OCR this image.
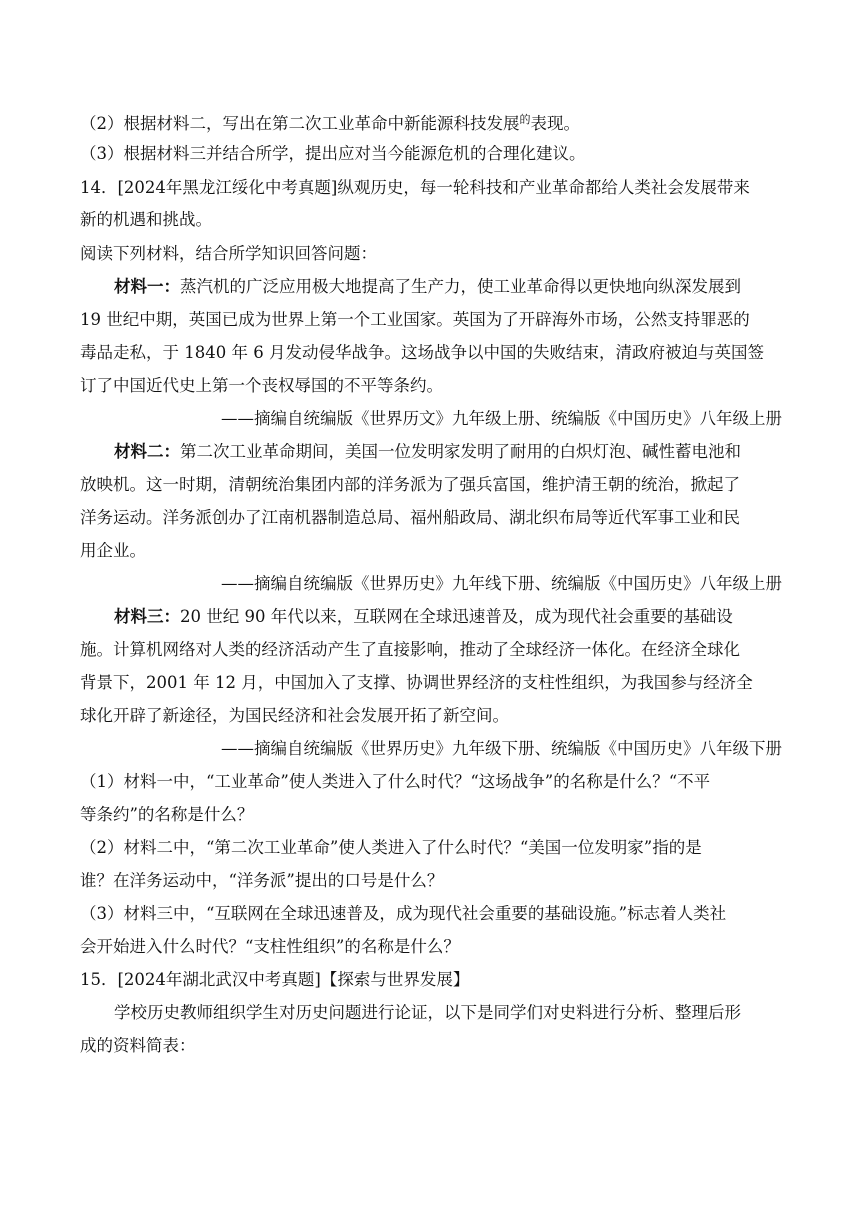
（2）根据材料二，写出在第二次工业革命中新能源科技发展$^的$表现。
（3）根据材料三并结合所学，提出应对当今能源危机的合理化建议。
14．[2024年黑龙江绥化中考真题]纵观历史，每一轮科技和产业革命都给人类社会发展带来
新的机遇和挑战。
阅读下列材料，结合所学知识回答问题：
材料一：蒸汽机的广泛应用极大地提高了生产力，使工业革命得以更快地向纵深发展到
19 世纪中期，英国已成为世界上第一个工业国家。英国为了开辟海外市场，公然支持罪恶的
毒品走私，于 1840 年 6 月发动侵华战争。这场战争以中国的失败结束，清政府被迫与英国签
订了中国近代史上第一个丧权辱国的不平等条约。
——摘编自统编版《世界历文》九年级上册、统编版《中国历史》八年级上册
材料二：第二次工业革命期间，美国一位发明家发明了耐用的白炽灯泡、碱性蓄电池和
放映机。这一时期，清朝统治集团内部的洋务派为了强兵富国，维护清王朝的统治，掀起了
洋务运动。洋务派创办了江南机器制造总局、福州船政局、湖北织布局等近代军事工业和民
用企业。
——摘编自统编版《世界历史》九年线下册、统编版《中国历史》八年级上册
材料三：20 世纪 90 年代以来，互联网在全球迅速普及，成为现代社会重要的基础设
施。计算机网络对人类的经济活动产生了直接影响，推动了全球经济一体化。在经济全球化
背景下，2001 年 12 月，中国加入了支撑、协调世界经济的支柱性组织，为我国参与经济全
球化开辟了新途径，为国民经济和社会发展开拓了新空间。
——摘编自统编版《世界历史》九年级下册、统编版《中国历史》八年级下册
（1）材料一中，“工业革命”使人类进入了什么时代？“这场战争”的名称是什么？“不平
等条约”的名称是什么？
（2）材料二中，“第二次工业革命”使人类进入了什么时代？“美国一位发明家”指的是
谁？在洋务运动中，“洋务派”提出的口号是什么？
（3）材料三中，“互联网在全球迅速普及，成为现代社会重要的基础设施。”标志着人类社
会开始进入什么时代？“支柱性组织”的名称是什么？
15．[2024年湖北武汉中考真题]【探索与世界发展】
学校历史教师组织学生对历史问题进行论证，以下是同学们对史料进行分析、整理后形
成的资料简表：
